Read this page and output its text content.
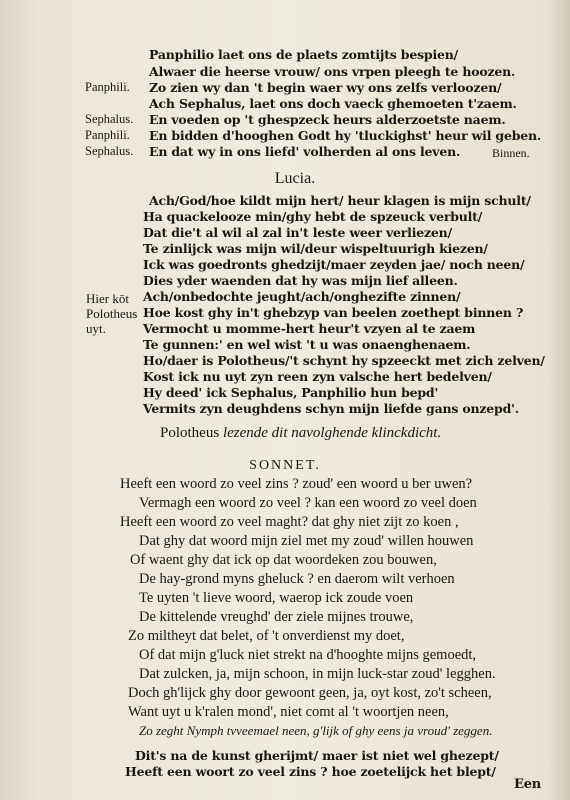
Panphilio laet ons de plaets zomtijts bespien/
Alwaer die heerse vrouw/ ons vrpen pleegh te hoozen.
Panphili. Zo zien wy dan 't begin waer wy ons zelfs verloozen/
Ach Sephalus, laet ons doch vaeck ghemoeten t'zaem.
Sephalus. En voeden op 't ghespzeck heurs alderzoetste naem.
Panphili. En bidden d'hooghen Godt hy 'tluckighst' heur wil geben.
Sephalus. En dat wy in ons liefd' volherden al ons leven.	Binnen.
Lucia.
Hier kōt
Polotheus
uyt.
Ach/God/hoe kildt mijn hert/ heur klagen is mijn schult/
Ha quackelooze min/ghy hebt de spzeuck verbult/
Dat die't al wil al zal in't leste weer verliezen/
Te zinlijck was mijn wil/deur wispeltuurigh kiezen/
Ick was goedronts ghedzijt/maer zeyden jae/ noch neen/
Dies yder waenden dat hy was mijn lief alleen.
Ach/onbedochte jeught/ach/onghezifte zinnen/
Hoe kost ghy in't ghebzyp van beelen zoethept binnen ?
Vermocht u momme-hert heur't vzyen al te zaem
Te gunnen:' en wel wist 't u was onaenghenaem.
Ho/daer is Polotheus/'t schynt hy spzeeckt met zich zelven/
Kost ick nu uyt zyn reen zyn valsche hert bedelven/
Hy deed' ick Sephalus, Panphilio hun bepd'
Vermits zyn deughdens schyn mijn liefde gans onzepd'.
Polotheus lezende dit navolghende klinckdicht.
SONNET.
Heeft een woord zo veel zins ? zoud' een woord u ber uwen?
Vermagh een woord zo veel ? kan een woord zo veel doen
Heeft een woord zo veel maght? dat ghy niet zijt zo koen ,
Dat ghy dat woord mijn ziel met my zoud' willen houwen
Of waent ghy dat ick op dat woordeken zou bouwen,
De hay-grond myns gheluck ? en daerom wilt verhoen
Te uyten 't lieve woord, waerop ick zoude voen
De kittelende vreughd' der ziele mijnes trouwe,
Zo miltheyt dat belet, of 't onverdienst my doet,
Of dat mijn g'luck niet strekt na d'hooghte mijns gemoedt,
Dat zulcken, ja, mijn schoon, in mijn luck-star zoud' legghen.
Doch gh'lijck ghy door gewoont geen, ja, oyt kost, zo't scheen,
Want uyt u k'ralen mond', niet comt al 't woortjen neen,
Zo zeght Nymph tvveemael neen, g'lijk of ghy eens ja vroud' zeggen.
Dit's na de kunst gherijmt/ maer ist niet wel ghezept/
Heeft een woort zo veel zins ? hoe zoetelijck het blept/
Een
